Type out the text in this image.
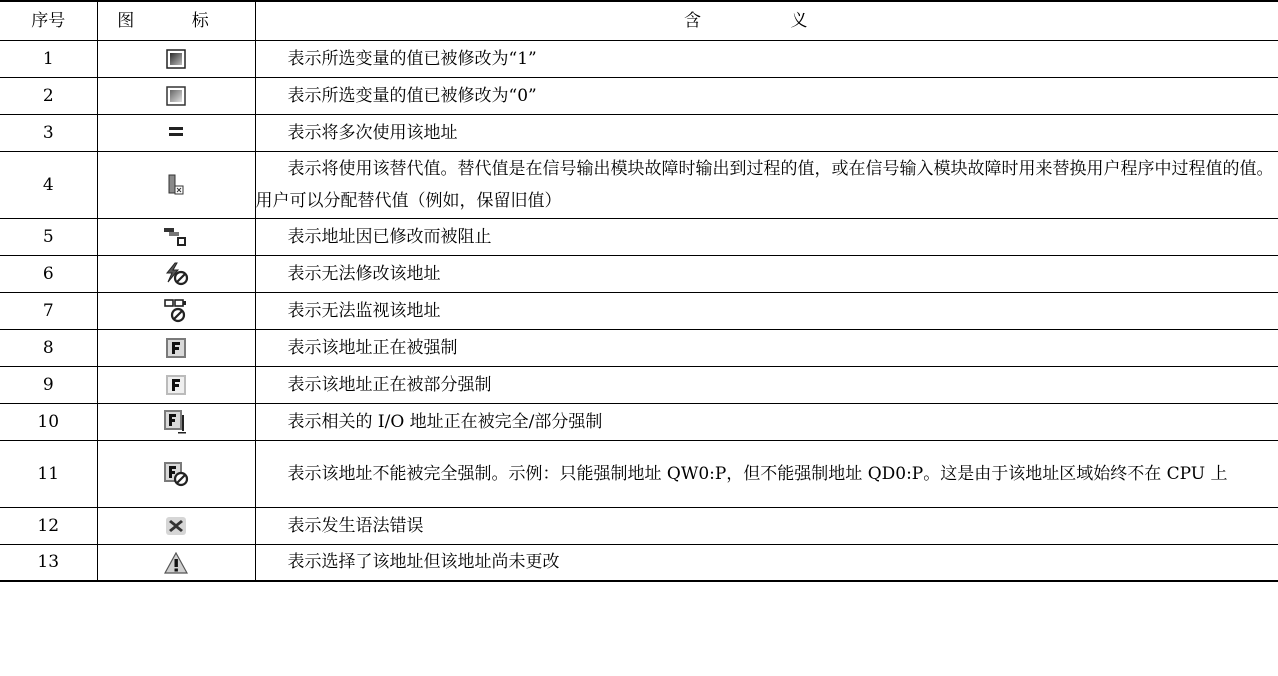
序号	图 标	含 义
1		表示所选变量的值已被修改为“1”

2		表示所选变量的值已被修改为“0”

3		表示将多次使用该地址

4		表示将使用该替代值。替代值是在信号输出模块故障时输出到过程的值，或在信号输入模块故障时用来替换用户程序中过程值的值。 用户可以分配替代值（例如，保留旧值）

5		表示地址因已修改而被阻止

6		表示无法修改该地址

7		表示无法监视该地址

8		表示该地址正在被强制

9		表示该地址正在被部分强制

10		表示相关的 I/O 地址正在被完全/部分强制

11		表示该地址不能被完全强制。示例：只能强制地址 QW0:P，但不能强制地址 QD0:P。这是由于该地址区域始终不在 CPU 上

12		表示发生语法错误

13		表示选择了该地址但该地址尚未更改
